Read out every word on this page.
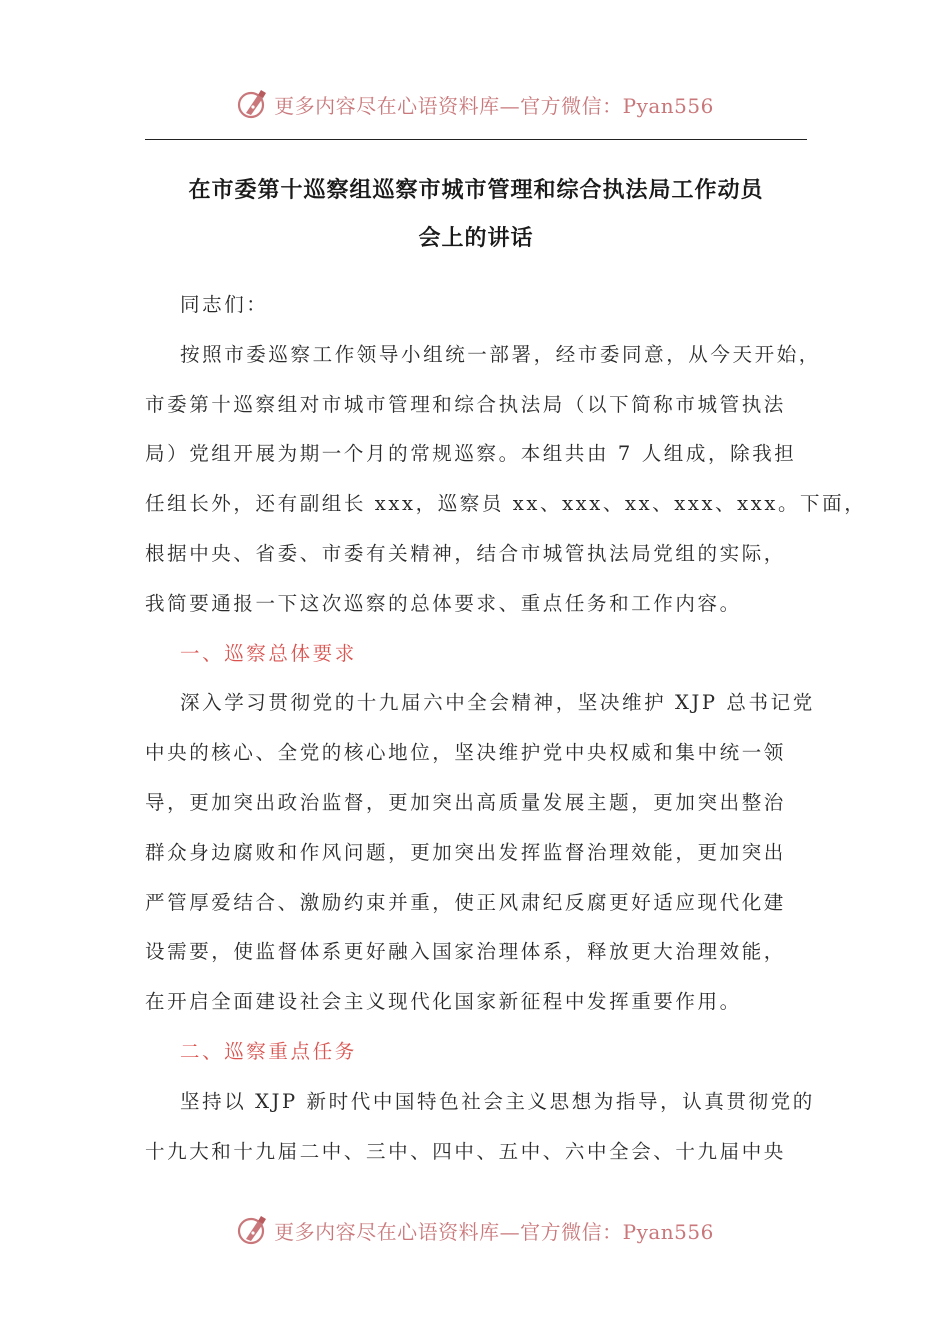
更多内容尽在心语资料库—官方微信：Pyan556
在市委第十巡察组巡察市城市管理和综合执法局工作动员
会上的讲话
同志们：
按照市委巡察工作领导小组统一部署，经市委同意，从今天开始，
市委第十巡察组对市城市管理和综合执法局（以下简称市城管执法
局）党组开展为期一个月的常规巡察。本组共由 7 人组成，除我担
任组长外，还有副组长 xxx，巡察员 xx、xxx、xx、xxx、xxx。下面，
根据中央、省委、市委有关精神，结合市城管执法局党组的实际，
我简要通报一下这次巡察的总体要求、重点任务和工作内容。
一、巡察总体要求
深入学习贯彻党的十九届六中全会精神，坚决维护 XJP 总书记党
中央的核心、全党的核心地位，坚决维护党中央权威和集中统一领
导，更加突出政治监督，更加突出高质量发展主题，更加突出整治
群众身边腐败和作风问题，更加突出发挥监督治理效能，更加突出
严管厚爱结合、激励约束并重，使正风肃纪反腐更好适应现代化建
设需要，使监督体系更好融入国家治理体系，释放更大治理效能，
在开启全面建设社会主义现代化国家新征程中发挥重要作用。
二、巡察重点任务
坚持以 XJP 新时代中国特色社会主义思想为指导，认真贯彻党的
十九大和十九届二中、三中、四中、五中、六中全会、十九届中央
更多内容尽在心语资料库—官方微信：Pyan556
